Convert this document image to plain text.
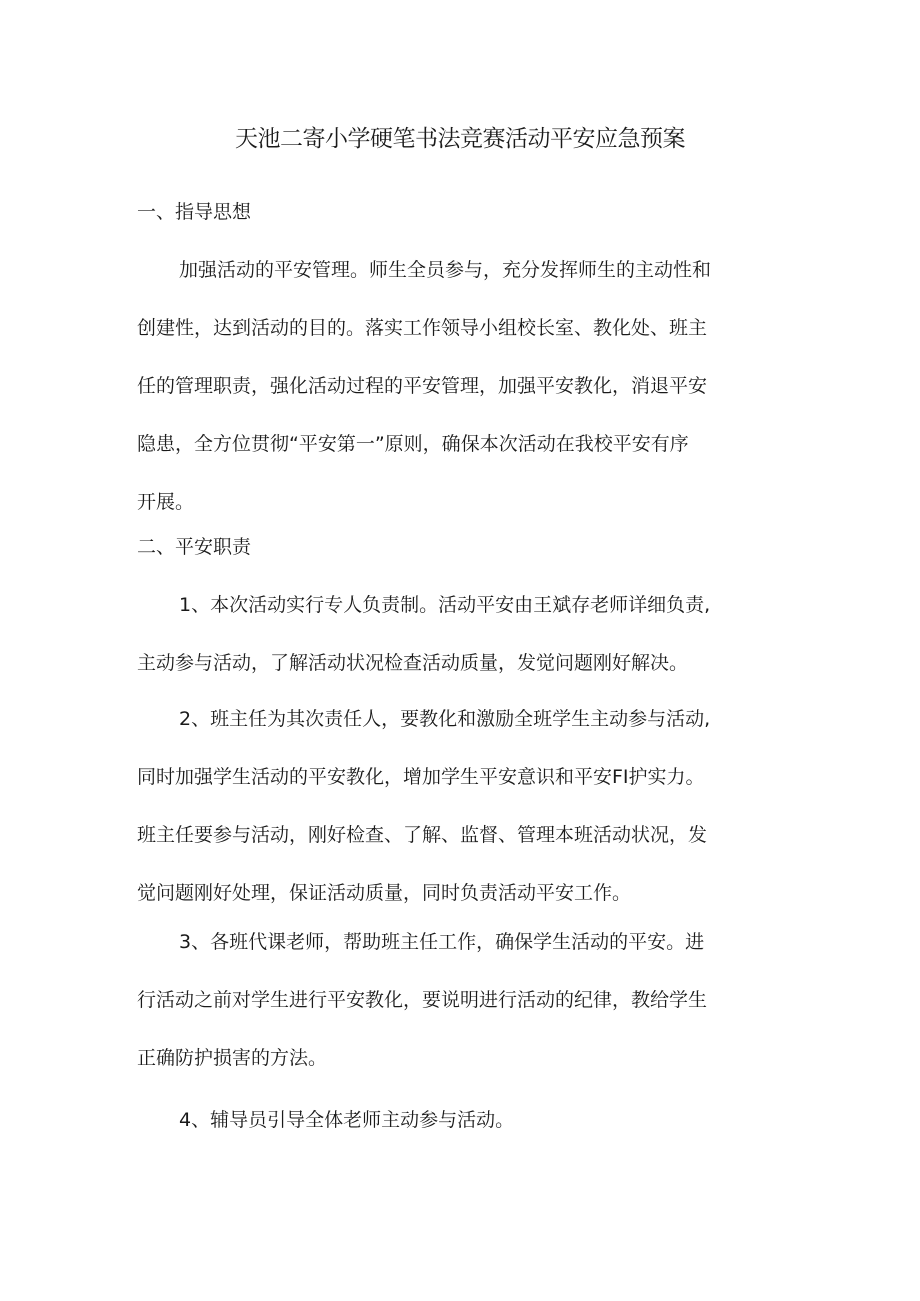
天池二寄小学硬笔书法竞赛活动平安应急预案
一、指导思想
加强活动的平安管理。师生全员参与，充分发挥师生的主动性和
创建性，达到活动的目的。落实工作领导小组校长室、教化处、班主
任的管理职责，强化活动过程的平安管理，加强平安教化，消退平安
隐患，全方位贯彻“平安第一”原则，确保本次活动在我校平安有序
开展。
二、平安职责
1、本次活动实行专人负责制。活动平安由王斌存老师详细负责,
主动参与活动，了解活动状况检查活动质量，发觉问题刚好解决。
2、班主任为其次责任人，要教化和激励全班学生主动参与活动,
同时加强学生活动的平安教化，增加学生平安意识和平安FI护实力。
班主任要参与活动，刚好检查、了解、监督、管理本班活动状况，发
觉问题刚好处理，保证活动质量，同时负责活动平安工作。
3、各班代课老师，帮助班主任工作，确保学生活动的平安。进
行活动之前对学生进行平安教化，要说明进行活动的纪律，教给学生
正确防护损害的方法。
4、辅导员引导全体老师主动参与活动。
